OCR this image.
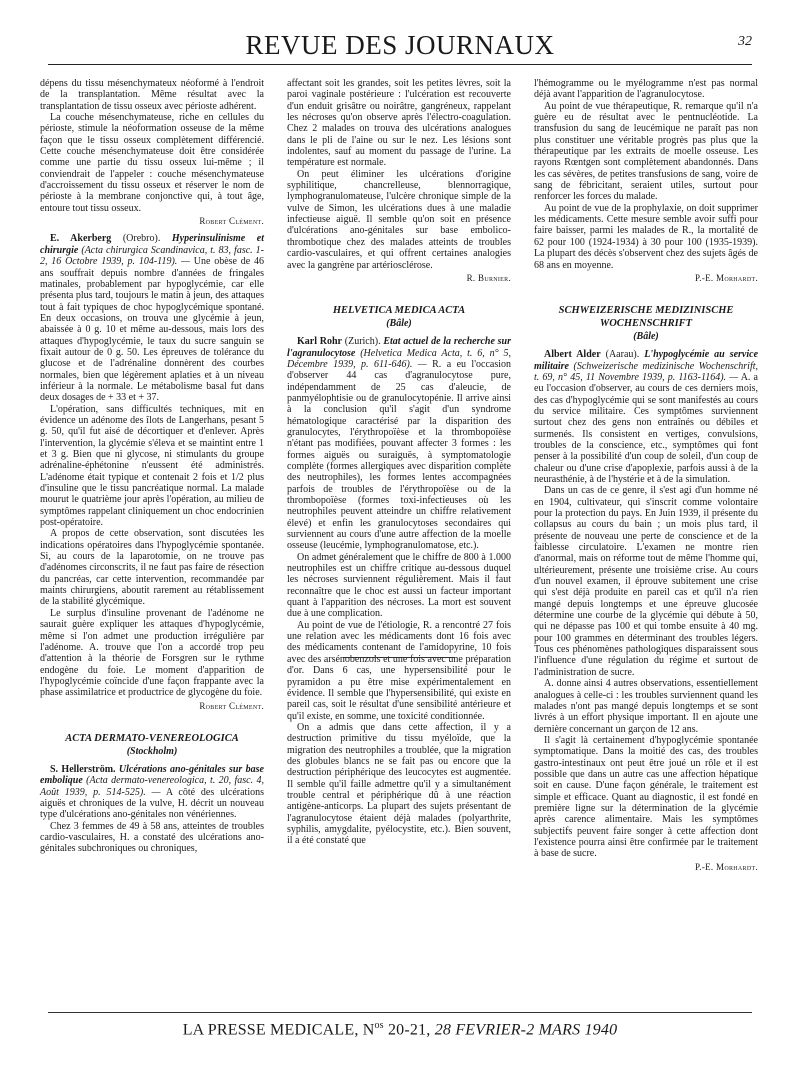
REVUE DES JOURNAUX	32

dépens du tissu mésenchymateux néoformé à l'endroit de la transplantation. Même résultat avec la transplantation de tissu osseux avec périoste adhérent.

La couche mésenchymateuse, riche en cellules du périoste, stimule la néoformation osseuse de la même façon que le tissu osseux complètement différencié. Cette couche mésenchymateuse doit être considérée comme une partie du tissu osseux lui-même ; il conviendrait de l'appeler : couche mésenchymateuse d'accroissement du tissu osseux et réserver le nom de périoste à la membrane conjonctive qui, à tout âge, entoure tout tissu osseux.

Robert Clément.

E. Akerberg (Orebro). Hyperinsulinisme et chirurgie (Acta chirurgica Scandinavica, t. 83, fasc. 1-2, 16 Octobre 1939, p. 104-119). — Une obèse de 46 ans souffrait depuis nombre d'années de fringales matinales, probablement par hypoglycémie, car elle présenta plus tard, toujours le matin à jeun, des attaques tout à fait typiques de choc hypoglycémique spontané. En deux occasions, on trouva une glycémie à jeun, abaissée à 0 g. 10 et même au-dessous, mais lors des attaques d'hypoglycémie, le taux du sucre sanguin se fixait autour de 0 g. 50. Les épreuves de tolérance du glucose et de l'adrénaline donnèrent des courbes normales, bien que légèrement aplaties et à un niveau inférieur à la normale. Le métabolisme basal fut dans deux dosages de + 33 et + 37.

L'opération, sans difficultés techniques, mit en évidence un adénome des îlots de Langerhans, pesant 5 g. 50, qu'il fut aisé de décortiquer et d'enlever. Après l'intervention, la glycémie s'éleva et se maintint entre 1 et 3 g. Bien que ni glycose, ni stimulants du groupe adrénaline-éphétonine n'eussent été administrés. L'adénome était typique et contenait 2 fois et 1/2 plus d'insuline que le tissu pancréatique normal. La malade mourut le quatrième jour après l'opération, au milieu de symptômes rappelant cliniquement un choc endocrinien post-opératoire.

A propos de cette observation, sont discutées les indications opératoires dans l'hypoglycémie spontanée. Si, au cours de la laparotomie, on ne trouve pas d'adénomes circonscrits, il ne faut pas faire de résection du pancréas, car cette intervention, recommandée par maints chirurgiens, aboutit rarement au rétablissement de la stabilité glycémique.

Le surplus d'insuline provenant de l'adénome ne saurait guère expliquer les attaques d'hypoglycémie, même si l'on admet une production irrégulière par l'adénome. A. trouve que l'on a accordé trop peu d'attention à la théorie de Forsgren sur le rythme endogène du foie. Le moment d'apparition de l'hypoglycémie coïncide d'une façon frappante avec la phase assimilatrice et productrice de glycogène du foie.

Robert Clément.

ACTA DERMATO-VENEREOLOGICA
(Stockholm)

S. Hellerström. Ulcérations ano-génitales sur base embolique (Acta dermato-venereologica, t. 20, fasc. 4, Août 1939, p. 514-525). — A côté des ulcérations aiguës et chroniques de la vulve, H. décrit un nouveau type d'ulcérations ano-génitales non vénériennes.

Chez 3 femmes de 49 à 58 ans, atteintes de troubles cardio-vasculaires, H. a constaté des ulcérations ano-génitales subchroniques ou chroniques,

affectant soit les grandes, soit les petites lèvres, soit la paroi vaginale postérieure : l'ulcération est recouverte d'un enduit grisâtre ou noirâtre, gangréneux, rappelant les nécroses qu'on observe après l'électro-coagulation. Chez 2 malades on trouva des ulcérations analogues dans le pli de l'aine ou sur le nez. Les lésions sont indolentes, sauf au moment du passage de l'urine. La température est normale.

On peut éliminer les ulcérations d'origine syphilitique, chancrelleuse, blennorragique, lymphogranulomateuse, l'ulcère chronique simple de la vulve de Simon, les ulcérations dues à une maladie infectieuse aiguë. Il semble qu'on soit en présence d'ulcérations ano-génitales sur base embolico-thrombotique chez des malades atteints de troubles cardio-vasculaires, et qui offrent certaines analogies avec la gangrène par artériosclérose.

R. Burnier.

HELVETICA MEDICA ACTA
(Bâle)

Karl Rohr (Zurich). Etat actuel de la recherche sur l'agranulocytose (Helvetica Medica Acta, t. 6, n° 5, Décembre 1939, p. 611-646). — R. a eu l'occasion d'observer 44 cas d'agranulocytose pure, indépendamment de 25 cas d'aleucie, de panmyélophtisie ou de granulocytopénie. Il arrive ainsi à la conclusion qu'il s'agit d'un syndrome hématologique caractérisé par la disparition des granulocytes, l'érythropoïèse et la thrombopoïèse n'étant pas modifiées, pouvant affecter 3 formes : les formes aiguës ou suraiguës, à symptomatologie complète (formes allergiques avec disparition complète des neutrophiles), les formes lentes accompagnées parfois de troubles de l'érythropoïèse ou de la thrombopoïèse (formes toxi-infectieuses où les neutrophiles peuvent atteindre un chiffre relativement élevé) et enfin les granulocytoses secondaires qui surviennent au cours d'une autre affection de la moelle osseuse (leucémie, lymphogranulomatose, etc.).

On admet généralement que le chiffre de 800 à 1.000 neutrophiles est un chiffre critique au-dessous duquel les nécroses surviennent régulièrement. Mais il faut reconnaître que le choc est aussi un facteur important quant à l'apparition des nécroses. La mort est souvent due à une complication.

Au point de vue de l'étiologie, R. a rencontré 27 fois une relation avec les médicaments dont 16 fois avec des médicaments contenant de l'amidopyrine, 10 fois avec des arsénobenzols et une fois avec une préparation d'or. Dans 6 cas, une hypersensibilité pour le pyramidon a pu être mise expérimentalement en évidence. Il semble que l'hypersensibilité, qui existe en pareil cas, soit le résultat d'une sensibilité antérieure et qu'il existe, en somme, une toxicité conditionnée.

On a admis que dans cette affection, il y a destruction primitive du tissu myéloïde, que la migration des neutrophiles a troublée, que la migration des globules blancs ne se fait pas ou encore que la destruction périphérique des leucocytes est augmentée. Il semble qu'il faille admettre qu'il y a simultanément trouble central et périphérique dû à une réaction antigène-anticorps. La plupart des sujets présentant de l'agranulocytose étaient déjà malades (polyarthrite, syphilis, amygdalite, pyélocystite, etc.). Bien souvent, il a été constaté que

l'hémogramme ou le myélogramme n'est pas normal déjà avant l'apparition de l'agranulocytose.

Au point de vue thérapeutique, R. remarque qu'il n'a guère eu de résultat avec le pentnucléotide. La transfusion du sang de leucémique ne paraît pas non plus constituer une véritable progrès pas plus que la thérapeutique par les extraits de moelle osseuse. Les rayons Rœntgen sont complètement abandonnés. Dans les cas sévères, de petites transfusions de sang, voire de sang de fébricitant, seraient utiles, surtout pour renforcer les forces du malade.

Au point de vue de la prophylaxie, on doit supprimer les médicaments. Cette mesure semble avoir suffi pour faire baisser, parmi les malades de R., la mortalité de 62 pour 100 (1924-1934) à 30 pour 100 (1935-1939). La plupart des décès s'observent chez des sujets âgés de 68 ans en moyenne.

P.-E. Morhardt.

SCHWEIZERISCHE MEDIZINISCHE WOCHENSCHRIFT
(Bâle)

Albert Alder (Aarau). L'hypoglycémie au service militaire (Schweizerische medizinische Wochenschrift, t. 69, n° 45, 11 Novembre 1939, p. 1163-1164). — A. a eu l'occasion d'observer, au cours de ces derniers mois, des cas d'hypoglycémie qui se sont manifestés au cours du service militaire. Ces symptômes surviennent surtout chez des gens non entraînés ou débiles et surmenés. Ils consistent en vertiges, convulsions, troubles de la conscience, etc., symptômes qui font penser à la possibilité d'un coup de soleil, d'un coup de chaleur ou d'une crise d'apoplexie, parfois aussi à de la neurasthénie, à de l'hystérie et à de la simulation.

Dans un cas de ce genre, il s'est agi d'un homme né en 1904, cultivateur, qui s'inscrit comme volontaire pour la protection du pays. En Juin 1939, il présente du collapsus au cours du bain ; un mois plus tard, il présente de nouveau une perte de conscience et de la faiblesse circulatoire. L'examen ne montre rien d'anormal, mais on réforme tout de même l'homme qui, ultérieurement, présente une troisième crise. Au cours d'un nouvel examen, il éprouve subitement une crise qui s'est déjà produite en pareil cas et qu'il n'a rien mangé depuis longtemps et une épreuve glucosée détermine une courbe de la glycémie qui débute à 50, qui ne dépasse pas 100 et qui tombe ensuite à 40 mg. pour 100 grammes en déterminant des troubles légers. Tous ces phénomènes pathologiques disparaissent sous l'influence d'une régulation du régime et surtout de l'administration de sucre.

A. donne ainsi 4 autres observations, essentiellement analogues à celle-ci : les troubles surviennent quand les malades n'ont pas mangé depuis longtemps et se sont livrés à un effort physique important. Il en ajoute une dernière concernant un garçon de 12 ans.

Il s'agit là certainement d'hypoglycémie spontanée symptomatique. Dans la moitié des cas, des troubles gastro-intestinaux ont peut être joué un rôle et il est possible que dans un autre cas une affection hépatique soit en cause. D'une façon générale, le traitement est simple et efficace. Quant au diagnostic, il est fondé en première ligne sur la détermination de la glycémie après carence alimentaire. Mais les symptômes subjectifs peuvent faire songer à cette affection dont l'existence pourra ainsi être confirmée par le traitement à base de sucre.

P.-E. Morhardt.

LA PRESSE MEDICALE, $N^{os}$ 20-21, 28 FEVRIER-2 MARS 1940
